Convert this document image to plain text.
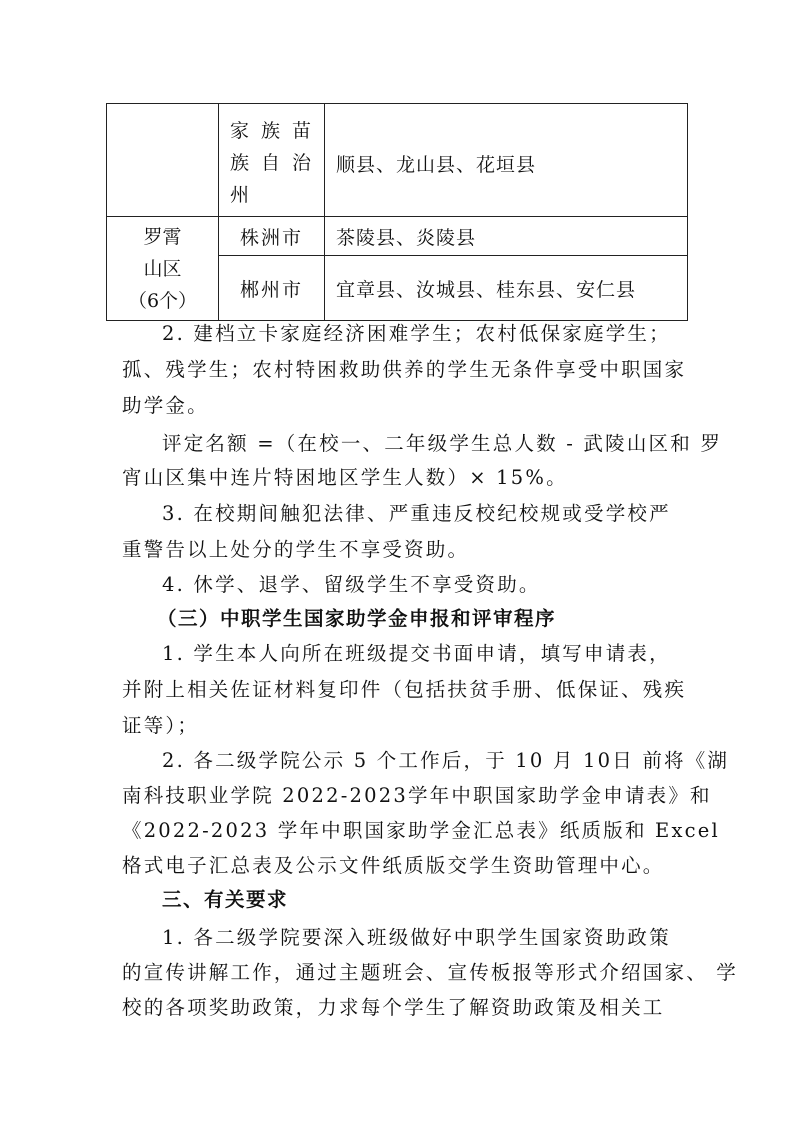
	家族苗
族自治
州	顺县、龙山县、花垣县

罗霄
山区
（6个）	株洲市	茶陵县、炎陵县
	郴州市	宜章县、汝城县、桂东县、安仁县

2. 建档立卡家庭经济困难学生；农村低保家庭学生；

孤、残学生；农村特困救助供养的学生无条件享受中职国家

助学金。

评定名额 =（在校一、二年级学生总人数 - 武陵山区和 罗

宵山区集中连片特困地区学生人数）× 15%。

3. 在校期间触犯法律、严重违反校纪校规或受学校严

重警告以上处分的学生不享受资助。

4. 休学、退学、留级学生不享受资助。

（三）中职学生国家助学金申报和评审程序

1. 学生本人向所在班级提交书面申请，填写申请表，

并附上相关佐证材料复印件（包括扶贫手册、低保证、残疾

证等）；

2. 各二级学院公示 5 个工作后，于 10 月 10日 前将《湖

南科技职业学院 2022-2023学年中职国家助学金申请表》和

《2022-2023 学年中职国家助学金汇总表》纸质版和 Excel

格式电子汇总表及公示文件纸质版交学生资助管理中心。

三、有关要求

1. 各二级学院要深入班级做好中职学生国家资助政策

的宣传讲解工作，通过主题班会、宣传板报等形式介绍国家、 学

校的各项奖助政策，力求每个学生了解资助政策及相关工
